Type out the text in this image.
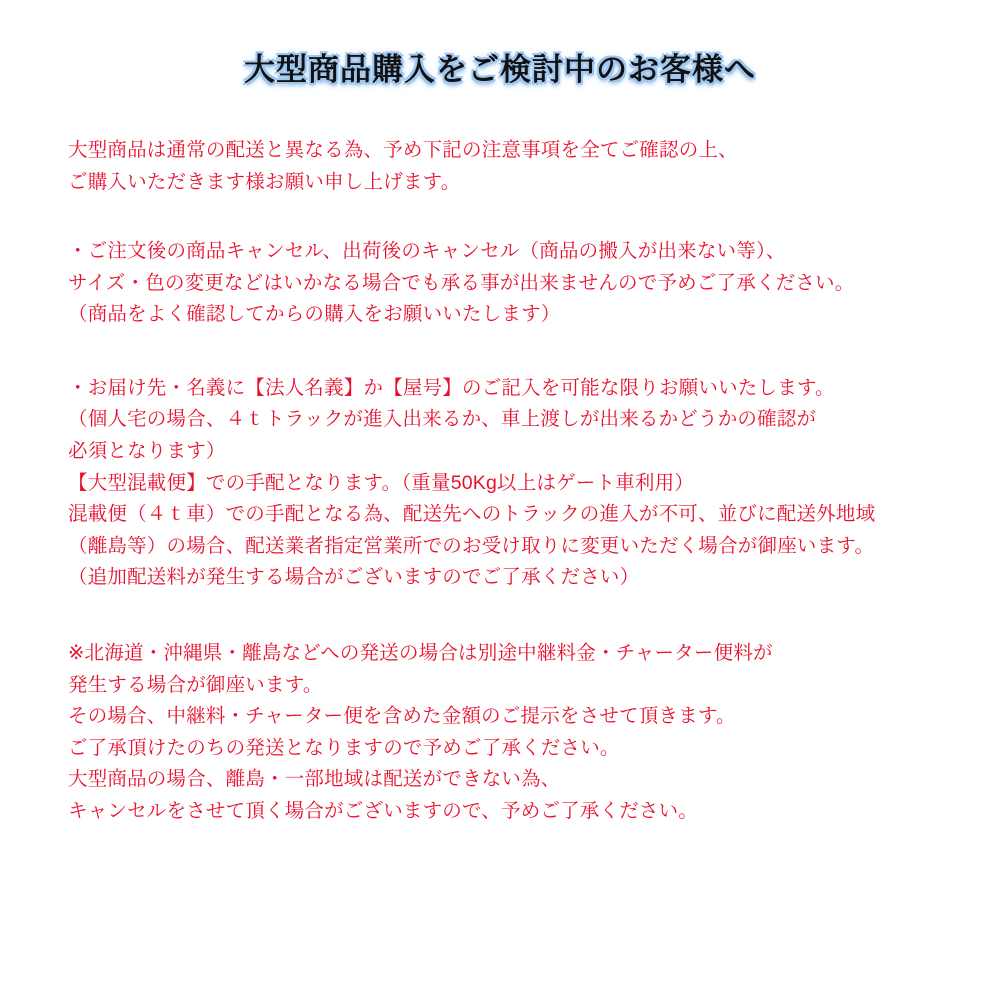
大型商品購入をご検討中のお客様へ
大型商品は通常の配送と異なる為、予め下記の注意事項を全てご確認の上、
ご購入いただきます様お願い申し上げます。
・ご注文後の商品キャンセル、出荷後のキャンセル（商品の搬入が出来ない等）、
サイズ・色の変更などはいかなる場合でも承る事が出来ませんので予めご了承ください。
（商品をよく確認してからの購入をお願いいたします）
・お届け先・名義に【法人名義】か【屋号】のご記入を可能な限りお願いいたします。
（個人宅の場合、４ｔトラックが進入出来るか、車上渡しが出来るかどうかの確認が
必須となります）
【大型混載便】での手配となります。（重量50Kg以上はゲート車利用）
混載便（４ｔ車）での手配となる為、配送先へのトラックの進入が不可、並びに配送外地域
（離島等）の場合、配送業者指定営業所でのお受け取りに変更いただく場合が御座います。
（追加配送料が発生する場合がございますのでご了承ください）
※北海道・沖縄県・離島などへの発送の場合は別途中継料金・チャーター便料が
発生する場合が御座います。
その場合、中継料・チャーター便を含めた金額のご提示をさせて頂きます。
ご了承頂けたのちの発送となりますので予めご了承ください。
大型商品の場合、離島・一部地域は配送ができない為、
キャンセルをさせて頂く場合がございますので、予めご了承ください。
